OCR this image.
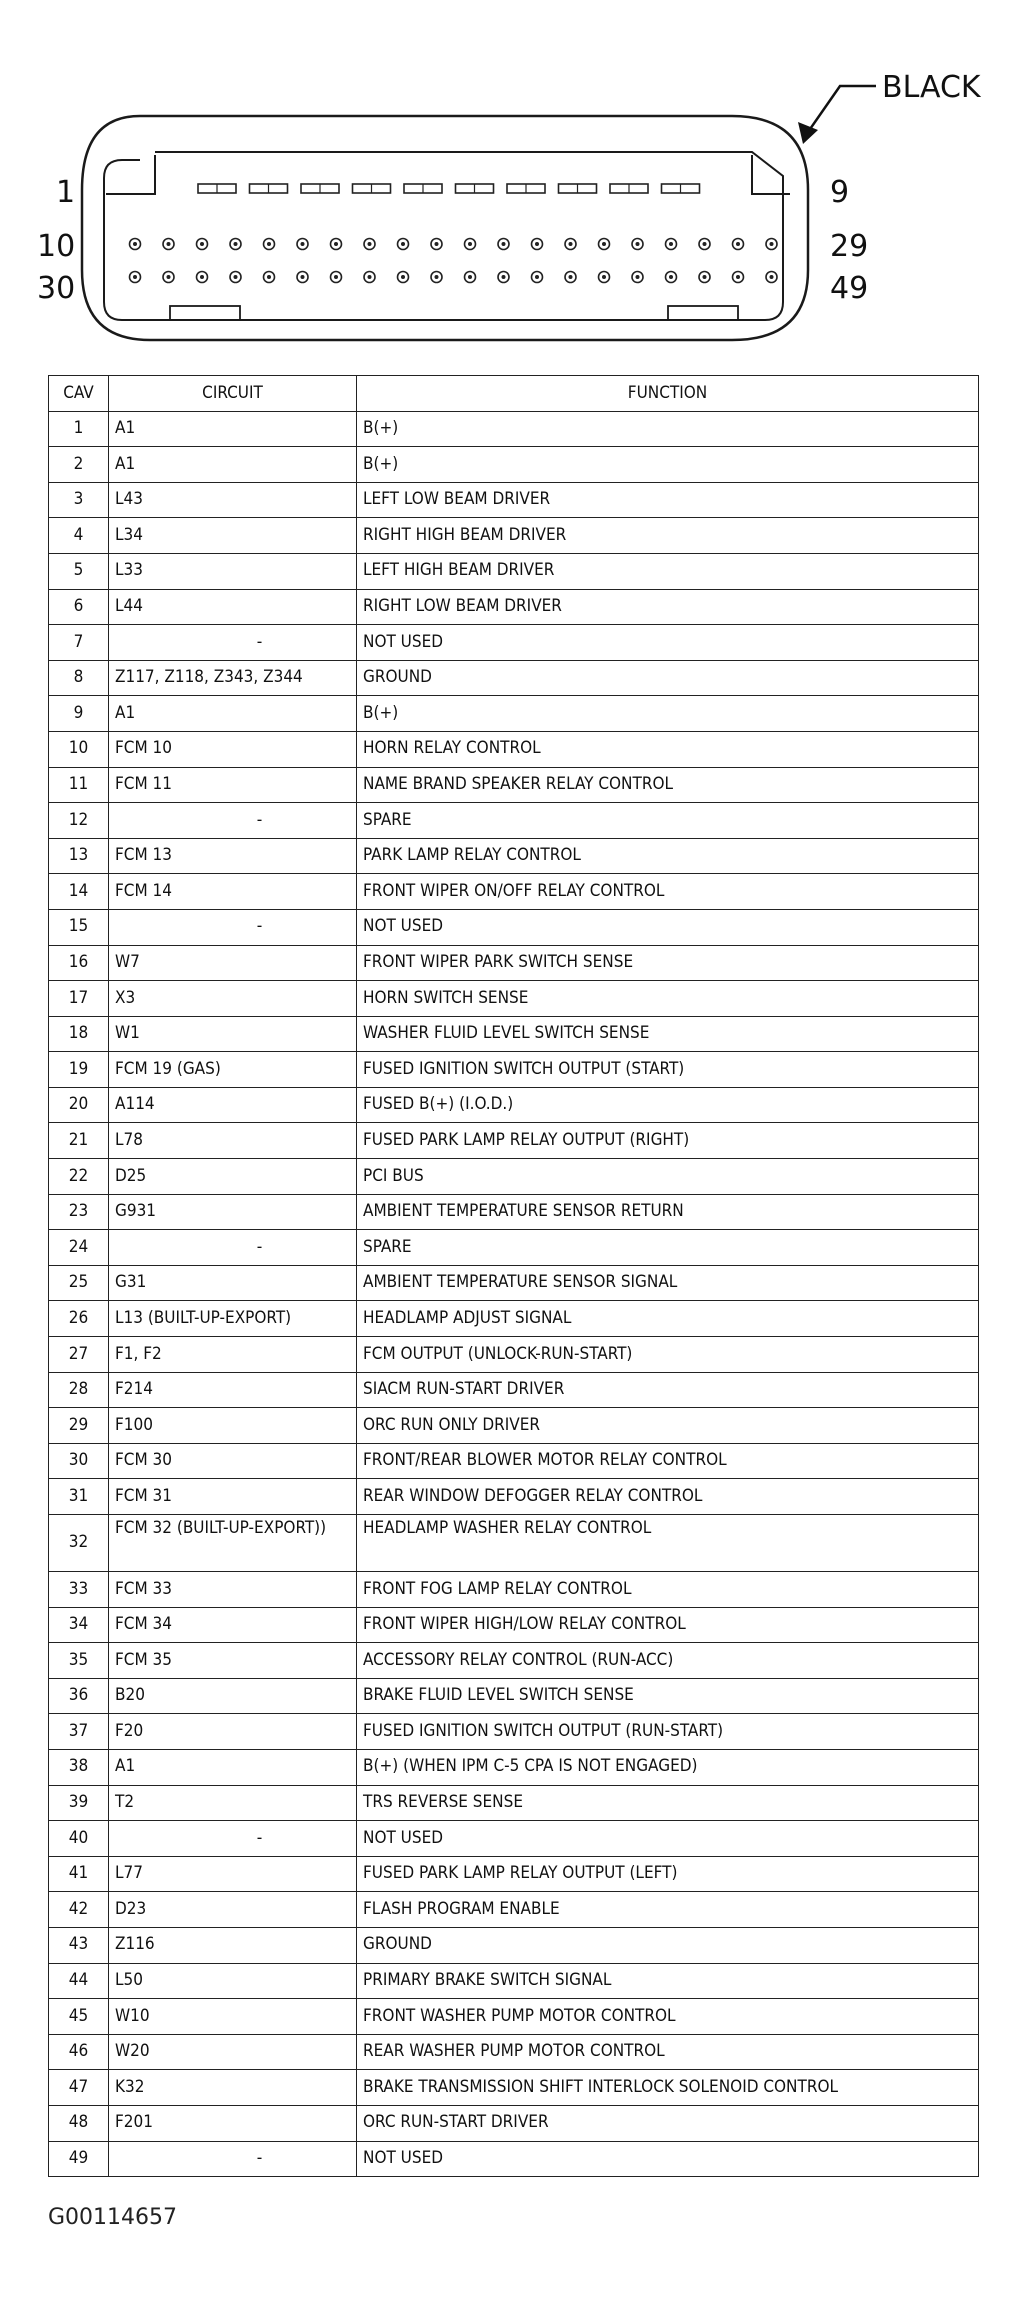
BLACK
1	9
10	29
30	49
CAV	CIRCUIT	FUNCTION
1	A1	B(+)
2	A1	B(+)
3	L43	LEFT LOW BEAM DRIVER
4	L34	RIGHT HIGH BEAM DRIVER
5	L33	LEFT HIGH BEAM DRIVER
6	L44	RIGHT LOW BEAM DRIVER
7	-	NOT USED
8	Z117, Z118, Z343, Z344	GROUND
9	A1	B(+)
10	FCM 10	HORN RELAY CONTROL
11	FCM 11	NAME BRAND SPEAKER RELAY CONTROL
12	-	SPARE
13	FCM 13	PARK LAMP RELAY CONTROL
14	FCM 14	FRONT WIPER ON/OFF RELAY CONTROL
15	-	NOT USED
16	W7	FRONT WIPER PARK SWITCH SENSE
17	X3	HORN SWITCH SENSE
18	W1	WASHER FLUID LEVEL SWITCH SENSE
19	FCM 19 (GAS)	FUSED IGNITION SWITCH OUTPUT (START)
20	A114	FUSED B(+) (I.O.D.)
21	L78	FUSED PARK LAMP RELAY OUTPUT (RIGHT)
22	D25	PCI BUS
23	G931	AMBIENT TEMPERATURE SENSOR RETURN
24	-	SPARE
25	G31	AMBIENT TEMPERATURE SENSOR SIGNAL
26	L13 (BUILT-UP-EXPORT)	HEADLAMP ADJUST SIGNAL
27	F1, F2	FCM OUTPUT (UNLOCK-RUN-START)
28	F214	SIACM RUN-START DRIVER
29	F100	ORC RUN ONLY DRIVER
30	FCM 30	FRONT/REAR BLOWER MOTOR RELAY CONTROL
31	FCM 31	REAR WINDOW DEFOGGER RELAY CONTROL
32	FCM 32 (BUILT-UP-EXPORT))	HEADLAMP WASHER RELAY CONTROL
33	FCM 33	FRONT FOG LAMP RELAY CONTROL
34	FCM 34	FRONT WIPER HIGH/LOW RELAY CONTROL
35	FCM 35	ACCESSORY RELAY CONTROL (RUN-ACC)
36	B20	BRAKE FLUID LEVEL SWITCH SENSE
37	F20	FUSED IGNITION SWITCH OUTPUT (RUN-START)
38	A1	B(+) (WHEN IPM C-5 CPA IS NOT ENGAGED)
39	T2	TRS REVERSE SENSE
40	-	NOT USED
41	L77	FUSED PARK LAMP RELAY OUTPUT (LEFT)
42	D23	FLASH PROGRAM ENABLE
43	Z116	GROUND
44	L50	PRIMARY BRAKE SWITCH SIGNAL
45	W10	FRONT WASHER PUMP MOTOR CONTROL
46	W20	REAR WASHER PUMP MOTOR CONTROL
47	K32	BRAKE TRANSMISSION SHIFT INTERLOCK SOLENOID CONTROL
48	F201	ORC RUN-START DRIVER
49	-	NOT USED
G00114657
